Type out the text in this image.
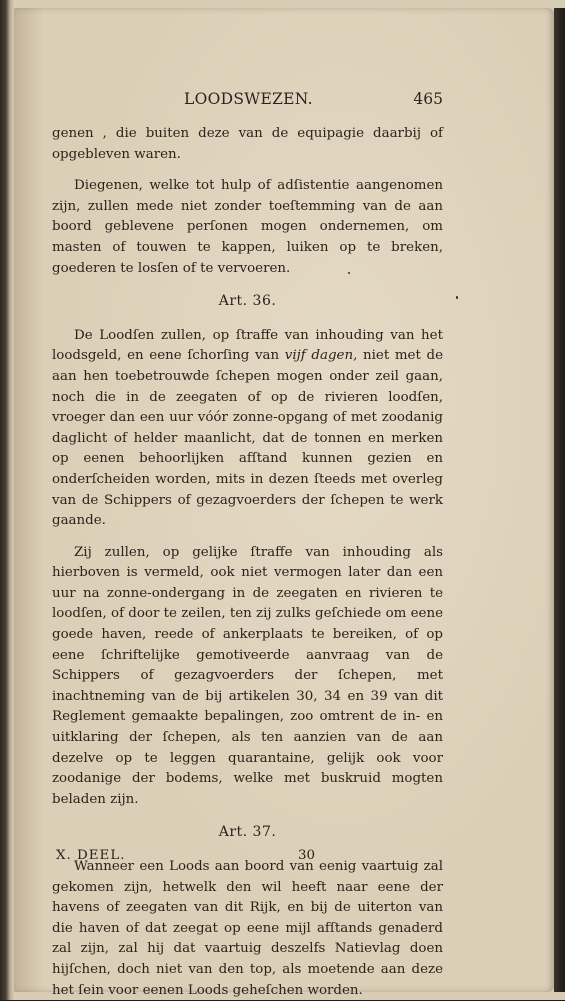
LOODSWEZEN.	465

genen , die buiten deze van de equipagie daarbij of opgebleven waren.

Diegenen, welke tot hulp of adſistentie aangenomen zijn, zullen mede niet zonder toeſtemming van de aan boord geblevene perſonen mogen ondernemen, om masten of touwen te kappen, luiken op te breken, goederen te losſen of te vervoeren.

Art. 36.

De Loodſen zullen, op ſtraffe van inhouding van het loodsgeld, en eene ſchorſing van vijf dagen, niet met de aan hen toebetrouwde ſchepen mogen onder zeil gaan, noch die in de zeegaten of op de rivieren loodſen, vroeger dan een uur vóór zonne-opgang of met zoodanig daglicht of helder maanlicht, dat de tonnen en merken op eenen behoorlijken afſtand kunnen gezien en onderſcheiden worden, mits in dezen ſteeds met overleg van de Schippers of gezagvoerders der ſchepen te werk gaande.

Zij zullen, op gelijke ſtraffe van inhouding als hierboven is vermeld, ook niet vermogen later dan een uur na zonne-ondergang in de zeegaten en rivieren te loodſen, of door te zeilen, ten zij zulks geſchiede om eene goede haven, reede of ankerplaats te bereiken, of op eene ſchriftelijke gemotiveerde aanvraag van de Schippers of gezagvoerders der ſchepen, met inachtneming van de bij artikelen 30, 34 en 39 van dit Reglement gemaakte bepalingen, zoo omtrent de in- en uitklaring der ſchepen, als ten aanzien van de aan dezelve op te leggen quarantaine, gelijk ook voor zoodanige der bodems, welke met buskruid mogten beladen zijn.

Art. 37.

Wanneer een Loods aan boord van eenig vaartuig zal gekomen zijn, hetwelk den wil heeft naar eene der havens of zeegaten van dit Rijk, en bij de uiterton van die haven of dat zeegat op eene mijl afſtands genaderd zal zijn, zal hij dat vaartuig deszelfs Natievlag doen hijſchen, doch niet van den top, als moetende aan deze het ſein voor eenen Loods geheſchen worden.

X. DEEL.	30
